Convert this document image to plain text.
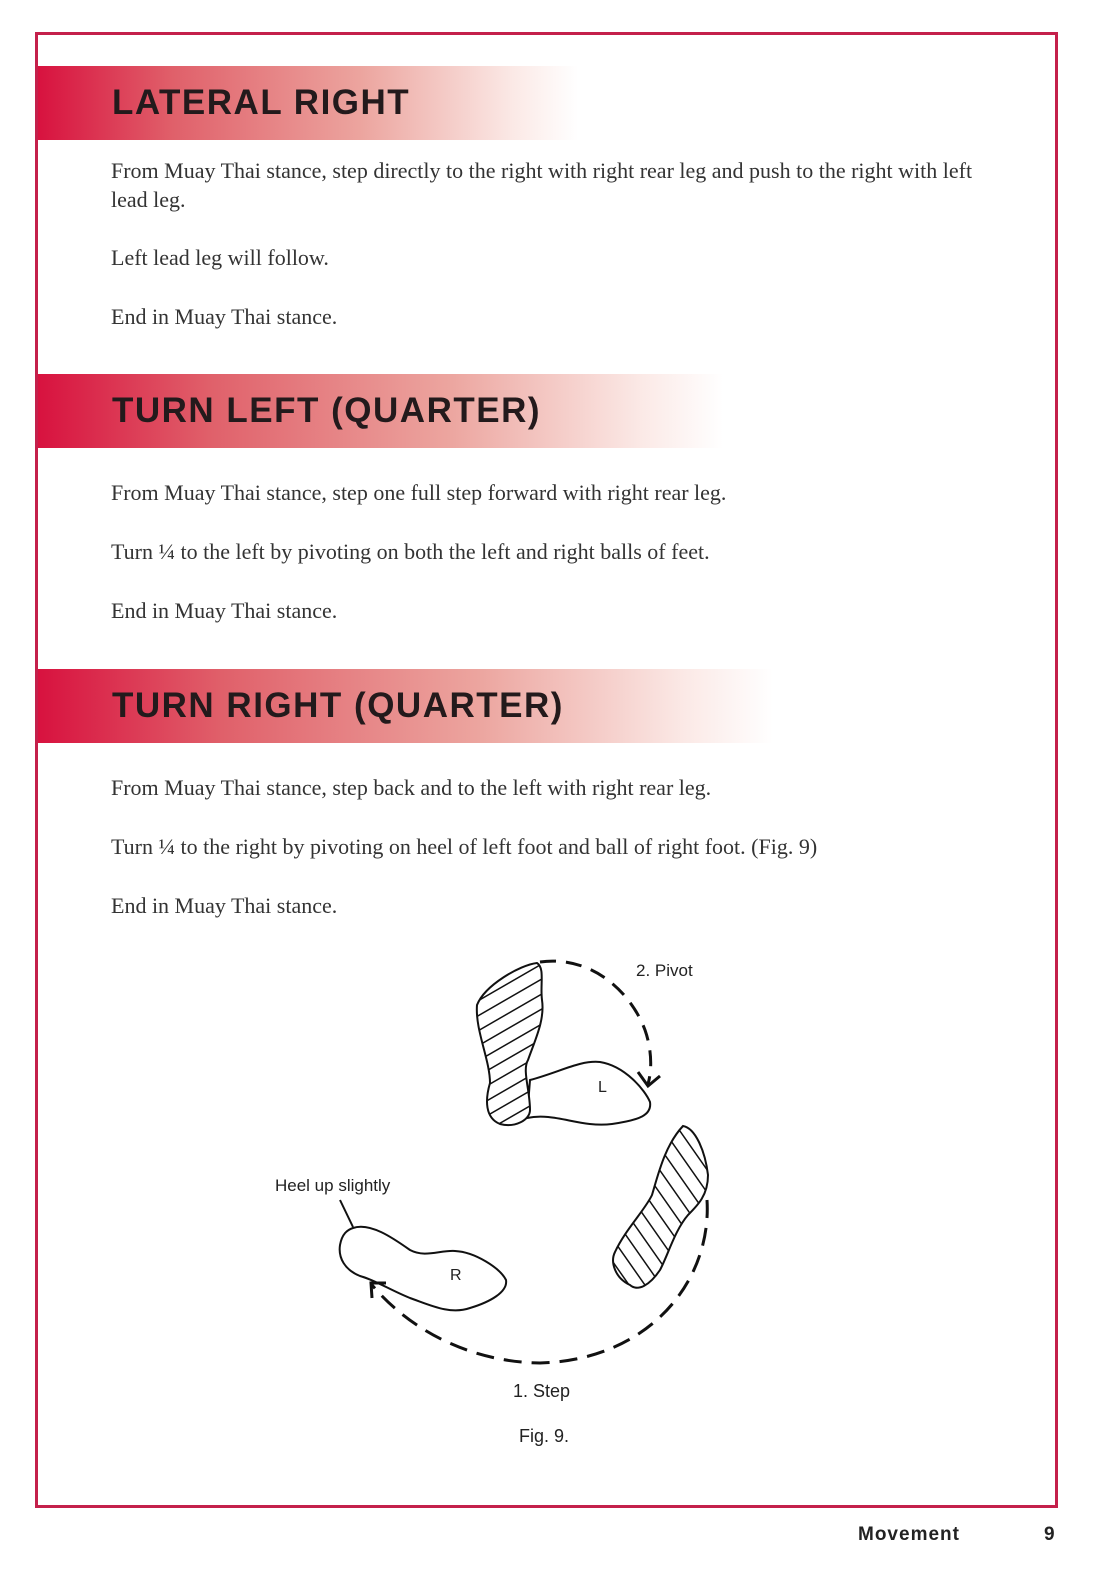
LATERAL RIGHT
From Muay Thai stance, step directly to the right with right rear leg and push to the right with left lead leg.
Left lead leg will follow.
End in Muay Thai stance.
TURN LEFT (QUARTER)
From Muay Thai stance, step one full step forward with right rear leg.
Turn ¼ to the left by pivoting on both the left and right balls of feet.
End in Muay Thai stance.
TURN RIGHT (QUARTER)
From Muay Thai stance, step back and to the left with right rear leg.
Turn ¼ to the right by pivoting on heel of left foot and ball of right foot. (Fig. 9)
End in Muay Thai stance.
2. Pivot
L
Heel up slightly
R
1. Step
Fig. 9.
Movement	9
